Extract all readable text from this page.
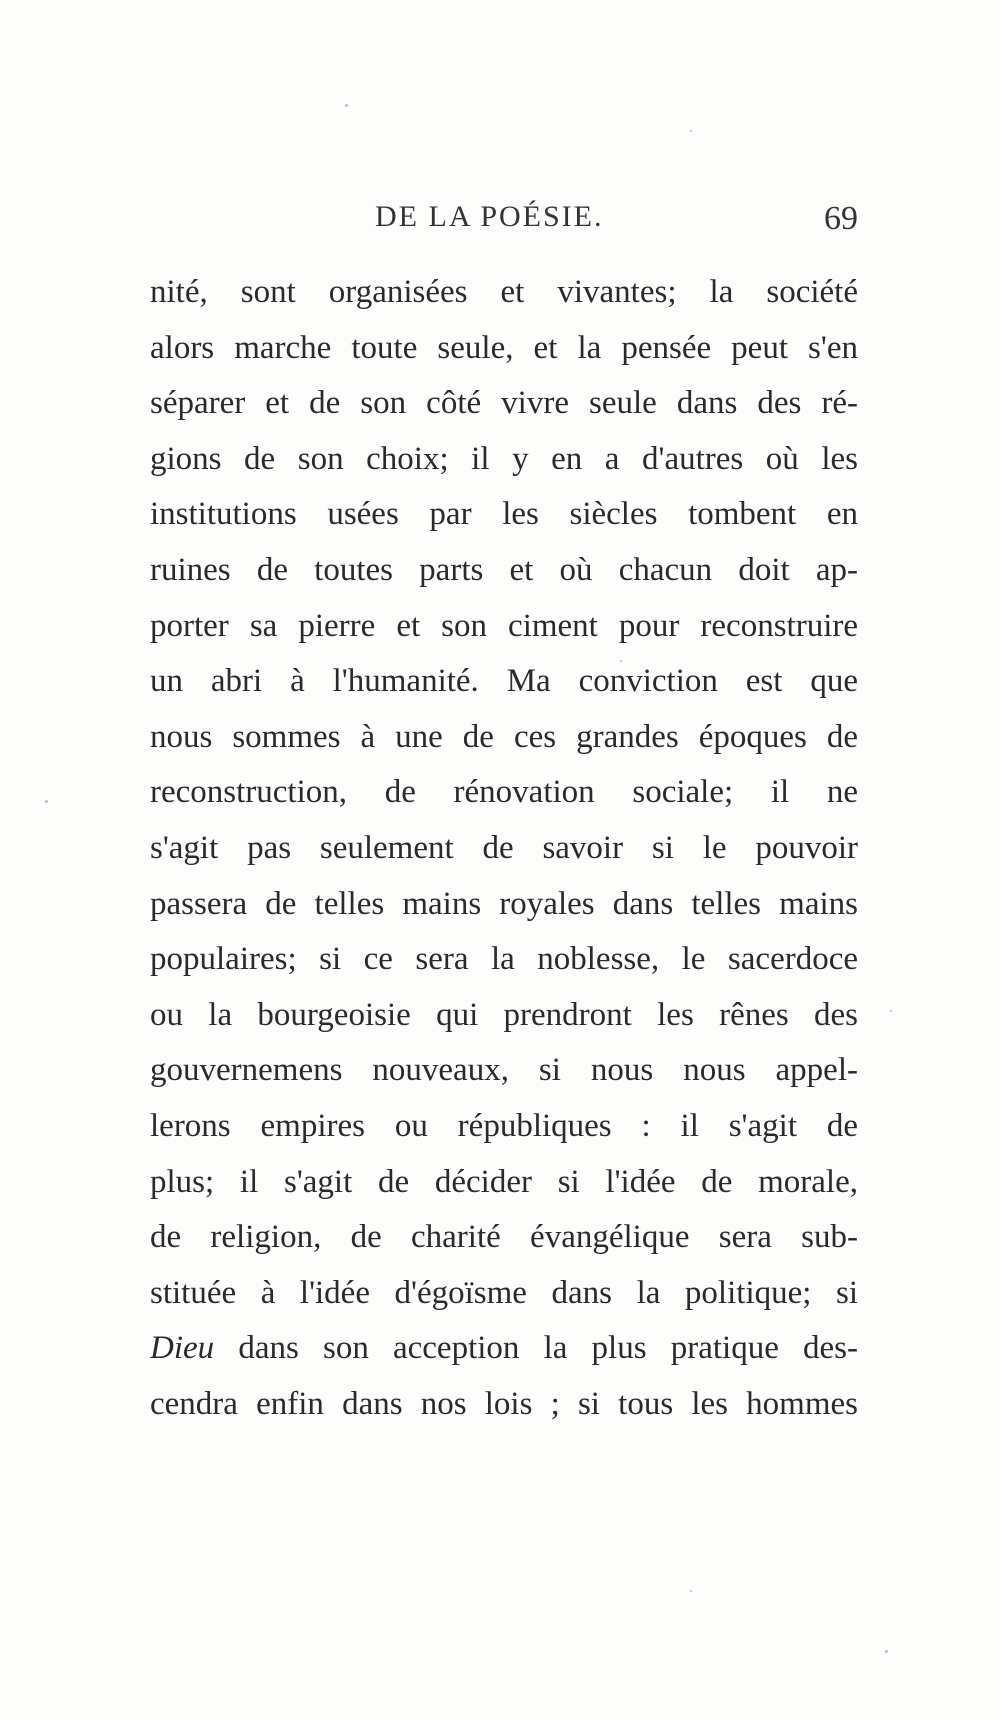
DE LA POÉSIE.	69
nité, sont organisées et vivantes; la société
alors marche toute seule, et la pensée peut s'en
séparer et de son côté vivre seule dans des ré-
gions de son choix; il y en a d'autres où les
institutions usées par les siècles tombent en
ruines de toutes parts et où chacun doit ap-
porter sa pierre et son ciment pour reconstruire
un abri à l'humanité. Ma conviction est que
nous sommes à une de ces grandes époques de
reconstruction, de rénovation sociale; il ne
s'agit pas seulement de savoir si le pouvoir
passera de telles mains royales dans telles mains
populaires; si ce sera la noblesse, le sacerdoce
ou la bourgeoisie qui prendront les rênes des
gouvernemens nouveaux, si nous nous appel-
lerons empires ou républiques : il s'agit de
plus; il s'agit de décider si l'idée de morale,
de religion, de charité évangélique sera sub-
stituée à l'idée d'égoïsme dans la politique; si
Dieu dans son acception la plus pratique des-
cendra enfin dans nos lois ; si tous les hommes
